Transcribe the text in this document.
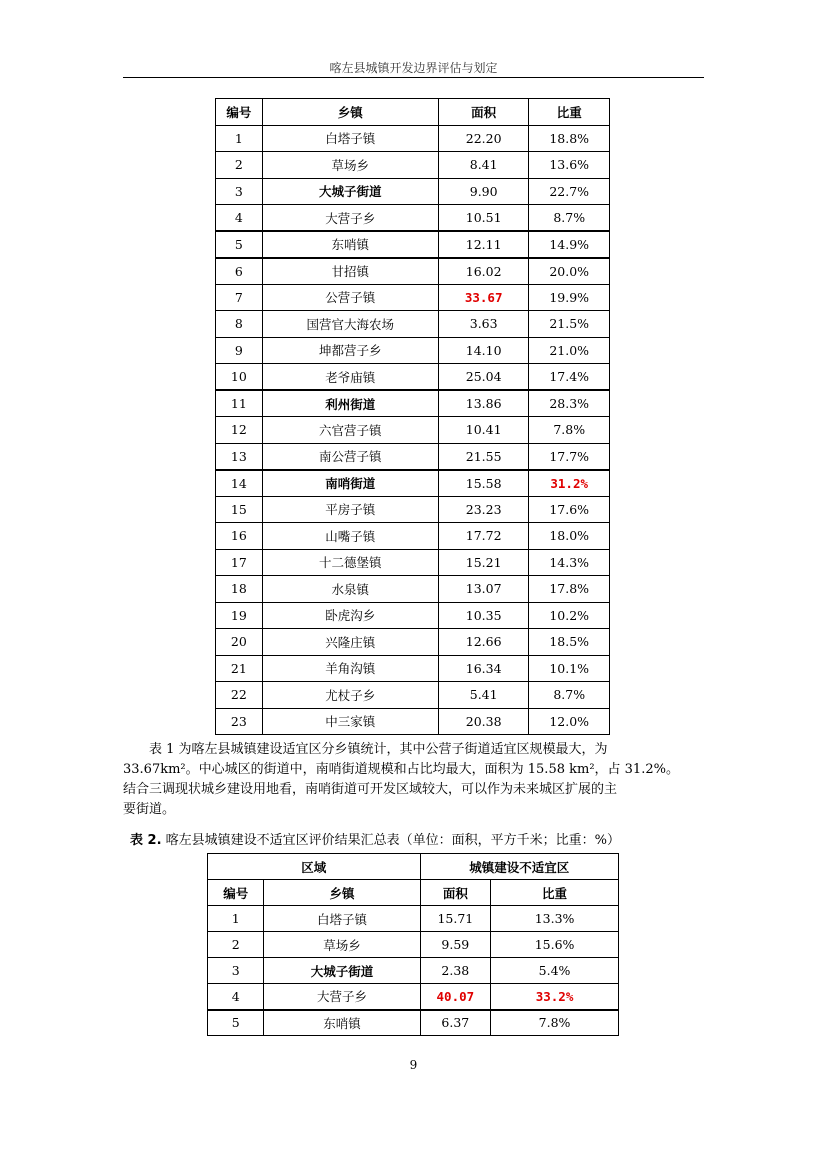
喀左县城镇开发边界评估与划定
编号	乡镇	面积	比重
1	白塔子镇	22.20	18.8%
2	草场乡	8.41	13.6%
3	大城子街道	9.90	22.7%
4	大营子乡	10.51	8.7%
5	东哨镇	12.11	14.9%
6	甘招镇	16.02	20.0%
7	公营子镇	33.67	19.9%
8	国营官大海农场	3.63	21.5%
9	坤都营子乡	14.10	21.0%
10	老爷庙镇	25.04	17.4%
11	利州街道	13.86	28.3%
12	六官营子镇	10.41	7.8%
13	南公营子镇	21.55	17.7%
14	南哨街道	15.58	31.2%
15	平房子镇	23.23	17.6%
16	山嘴子镇	17.72	18.0%
17	十二德堡镇	15.21	14.3%
18	水泉镇	13.07	17.8%
19	卧虎沟乡	10.35	10.2%
20	兴隆庄镇	12.66	18.5%
21	羊角沟镇	16.34	10.1%
22	尤杖子乡	5.41	8.7%
23	中三家镇	20.38	12.0%
表 1 为喀左县城镇建设适宜区分乡镇统计，其中公营子街道适宜区规模最大，为
33.67km²。中心城区的街道中，南哨街道规模和占比均最大，面积为 15.58 km²，占 31.2%。
结合三调现状城乡建设用地看，南哨街道可开发区域较大，可以作为未来城区扩展的主
要街道。
表 2. 喀左县城镇建设不适宜区评价结果汇总表（单位：面积，平方千米；比重：%）
区域		城镇建设不适宜区	
编号	乡镇	面积	比重
1	白塔子镇	15.71	13.3%
2	草场乡	9.59	15.6%
3	大城子街道	2.38	5.4%
4	大营子乡	40.07	33.2%
5	东哨镇	6.37	7.8%
9
